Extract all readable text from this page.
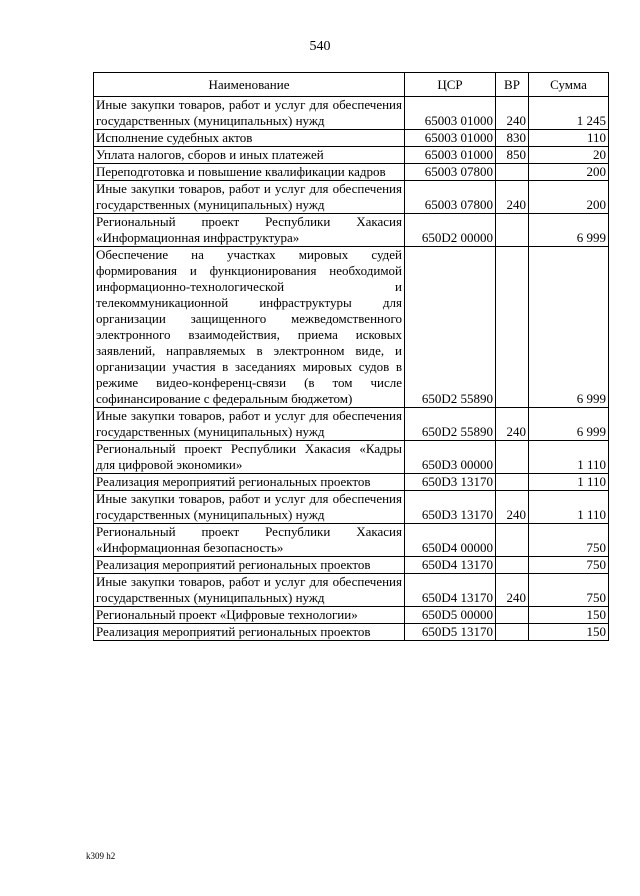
540
Наименование	ЦСР	ВР	Сумма
Иные закупки товаров, работ и услуг для обеспечения государственных (муниципальных) нужд	65003 01000	240	1 245
Исполнение судебных актов	65003 01000	830	110
Уплата налогов, сборов и иных платежей	65003 01000	850	20
Переподготовка и повышение квалификации кадров	65003 07800		200
Иные закупки товаров, работ и услуг для обеспечения государственных (муниципальных) нужд	65003 07800	240	200
Региональный проект Республики Хакасия «Информационная инфраструктура»	650D2 00000		6 999
Обеспечение на участках мировых судей формирования и функционирования необходимой информационно-технологической и телекоммуникационной инфраструктуры для организации защищенного межведомственного электронного взаимодействия, приема исковых заявлений, направляемых в электронном виде, и организации участия в заседаниях мировых судов в режиме видео-конференц-связи (в том числе софинансирование с федеральным бюджетом)	650D2 55890		6 999
Иные закупки товаров, работ и услуг для обеспечения государственных (муниципальных) нужд	650D2 55890	240	6 999
Региональный проект Республики Хакасия «Кадры для цифровой экономики»	650D3 00000		1 110
Реализация мероприятий региональных проектов	650D3 13170		1 110
Иные закупки товаров, работ и услуг для обеспечения государственных (муниципальных) нужд	650D3 13170	240	1 110
Региональный проект Республики Хакасия «Информационная безопасность»	650D4 00000		750
Реализация мероприятий региональных проектов	650D4 13170		750
Иные закупки товаров, работ и услуг для обеспечения государственных (муниципальных) нужд	650D4 13170	240	750
Региональный проект «Цифровые технологии»	650D5 00000		150
Реализация мероприятий региональных проектов	650D5 13170		150
k309 h2
